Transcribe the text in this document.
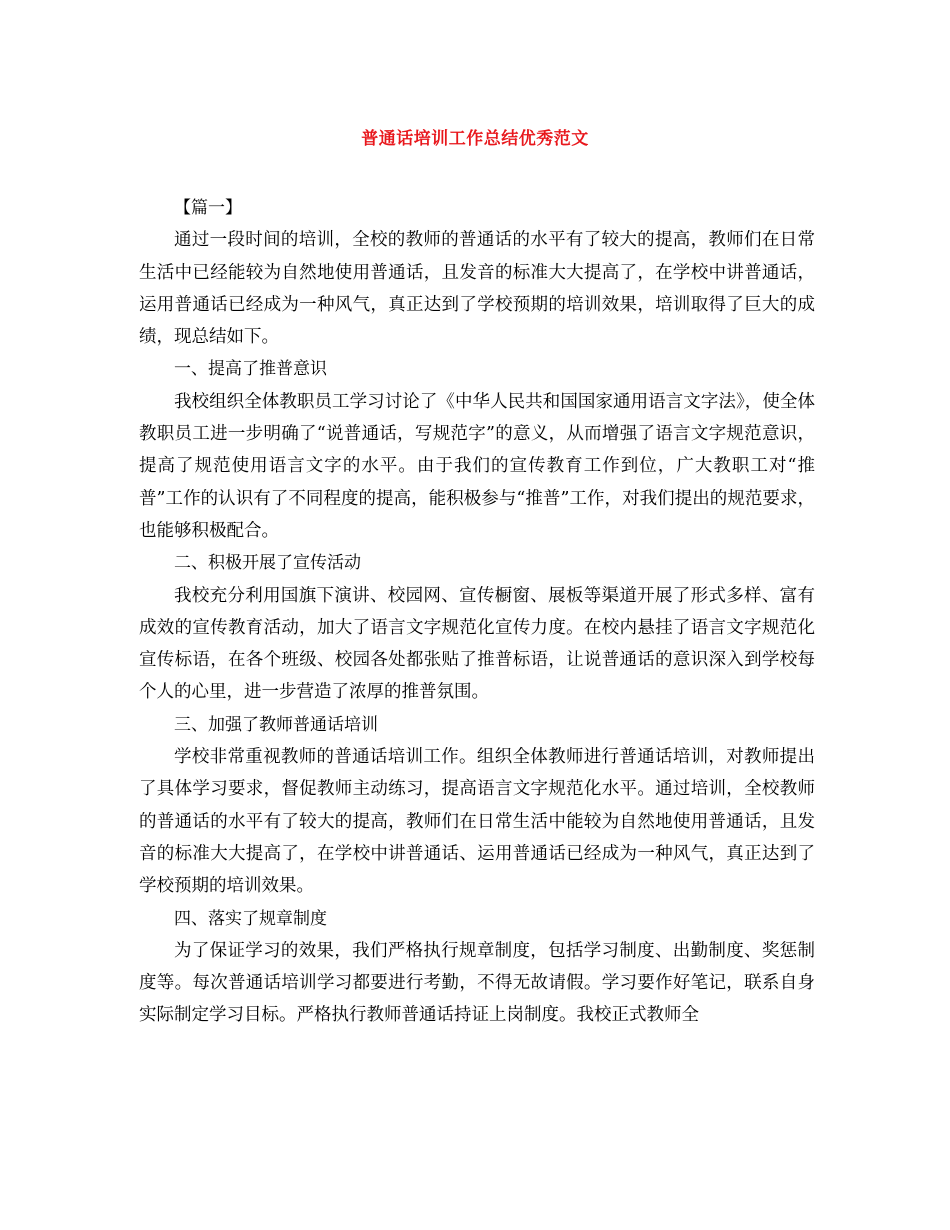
普通话培训工作总结优秀范文

【篇一】

通过一段时间的培训，全校的教师的普通话的水平有了较大的提高，教师们在日常生活中已经能较为自然地使用普通话，且发音的标准大大提高了，在学校中讲普通话，运用普通话已经成为一种风气，真正达到了学校预期的培训效果，培训取得了巨大的成绩，现总结如下。

一、提高了推普意识

我校组织全体教职员工学习讨论了《中华人民共和国国家通用语言文字法》，使全体教职员工进一步明确了“说普通话，写规范字”的意义，从而增强了语言文字规范意识，提高了规范使用语言文字的水平。由于我们的宣传教育工作到位，广大教职工对“推普”工作的认识有了不同程度的提高，能积极参与“推普”工作，对我们提出的规范要求，也能够积极配合。

二、积极开展了宣传活动

我校充分利用国旗下演讲、校园网、宣传橱窗、展板等渠道开展了形式多样、富有成效的宣传教育活动，加大了语言文字规范化宣传力度。在校内悬挂了语言文字规范化宣传标语，在各个班级、校园各处都张贴了推普标语，让说普通话的意识深入到学校每个人的心里，进一步营造了浓厚的推普氛围。

三、加强了教师普通话培训

学校非常重视教师的普通话培训工作。组织全体教师进行普通话培训，对教师提出了具体学习要求，督促教师主动练习，提高语言文字规范化水平。通过培训，全校教师的普通话的水平有了较大的提高，教师们在日常生活中能较为自然地使用普通话，且发音的标准大大提高了，在学校中讲普通话、运用普通话已经成为一种风气，真正达到了学校预期的培训效果。

四、落实了规章制度

为了保证学习的效果，我们严格执行规章制度，包括学习制度、出勤制度、奖惩制度等。每次普通话培训学习都要进行考勤，不得无故请假。学习要作好笔记，联系自身实际制定学习目标。严格执行教师普通话持证上岗制度。我校正式教师全
